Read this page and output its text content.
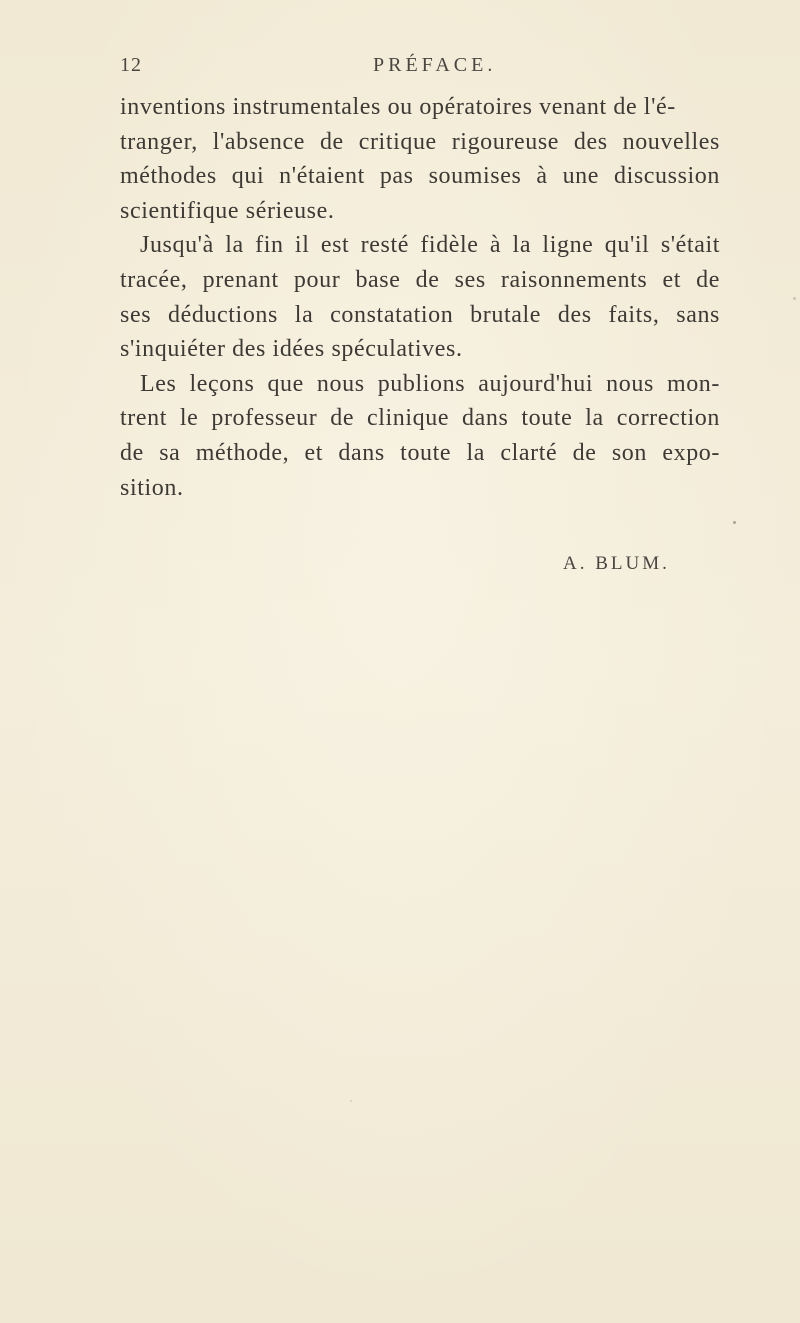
12	PRÉFACE.
inventions instrumentales ou opératoires venant de l'é-
tranger, l'absence de critique rigoureuse des nouvelles
méthodes qui n'étaient pas soumises à une discussion
scientifique sérieuse.
Jusqu'à la fin il est resté fidèle à la ligne qu'il s'était
tracée, prenant pour base de ses raisonnements et de
ses déductions la constatation brutale des faits, sans
s'inquiéter des idées spéculatives.
Les leçons que nous publions aujourd'hui nous mon-
trent le professeur de clinique dans toute la correction
de sa méthode, et dans toute la clarté de son expo-
sition.
A. BLUM.
